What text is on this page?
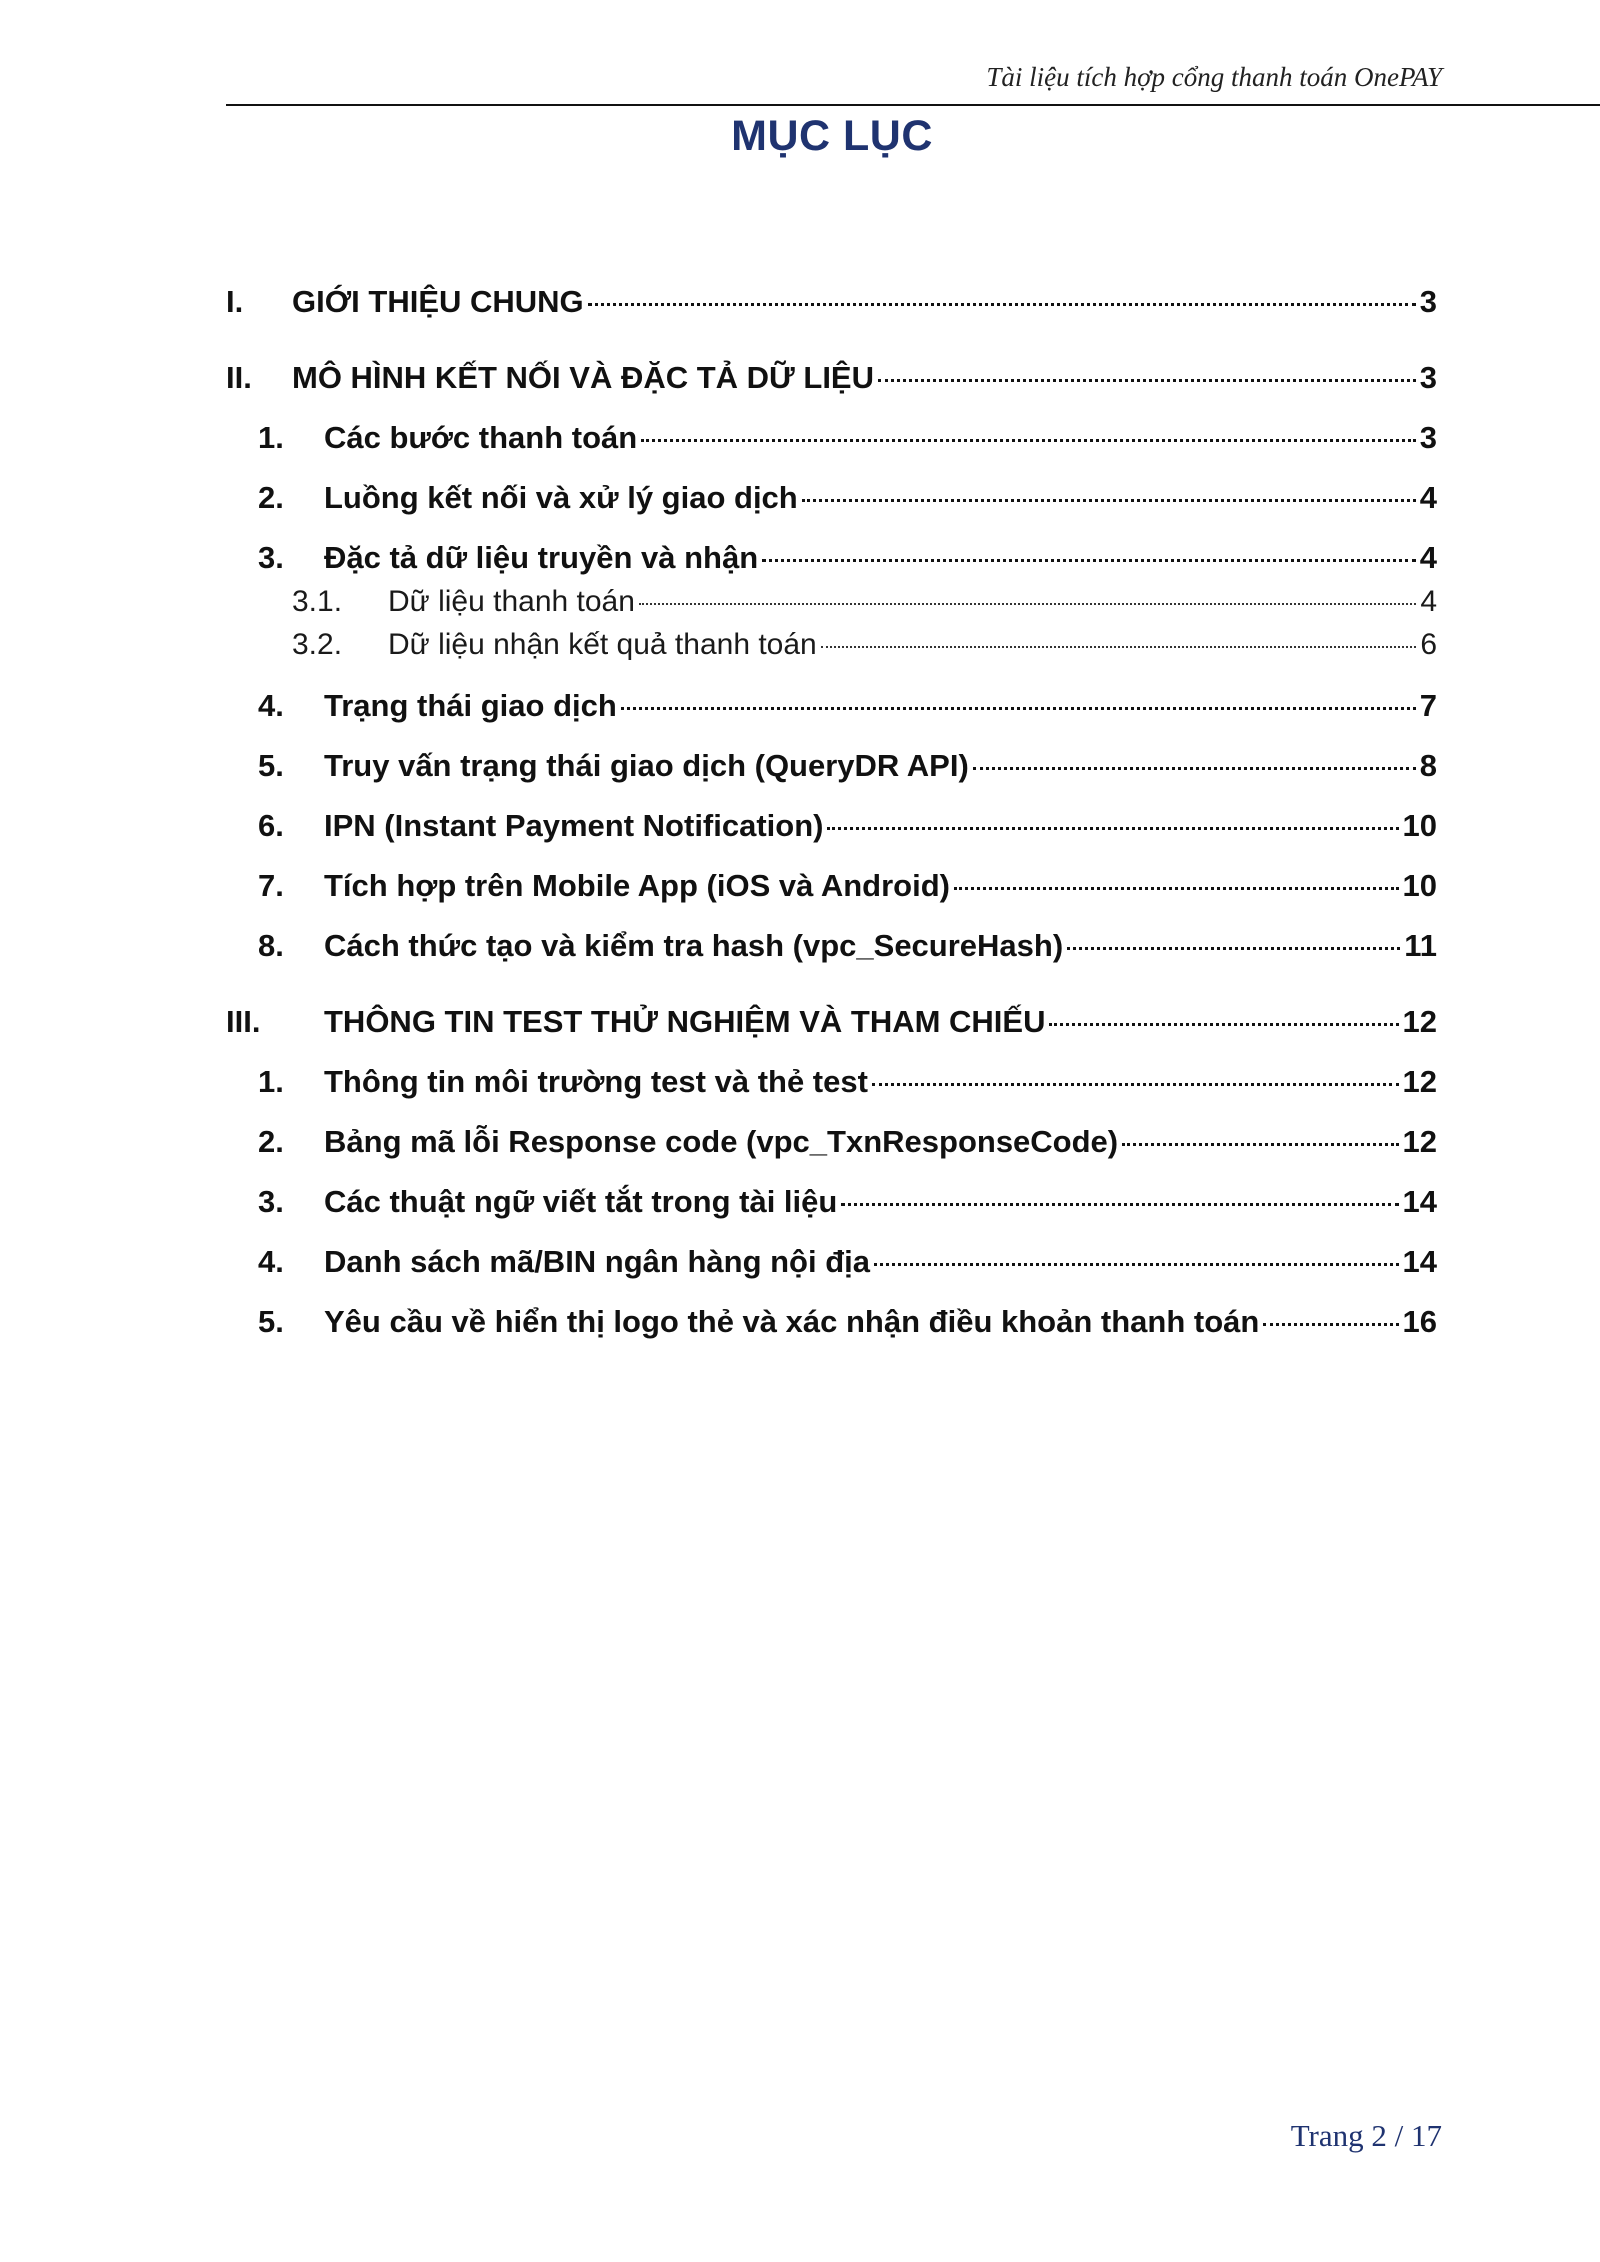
Tài liệu tích hợp cổng thanh toán OnePAY
MỤC LỤC
I.	GIỚI THIỆU CHUNG	3
II.	MÔ HÌNH KẾT NỐI VÀ ĐẶC TẢ DỮ LIỆU	3
1.	Các bước thanh toán	3
2.	Luồng kết nối và xử lý giao dịch	4
3.	Đặc tả dữ liệu truyền và nhận	4
3.1.	Dữ liệu thanh toán	4
3.2.	Dữ liệu nhận kết quả thanh toán	6
4.	Trạng thái giao dịch	7
5.	Truy vấn trạng thái giao dịch (QueryDR API)	8
6.	IPN (Instant Payment Notification)	10
7.	Tích hợp trên Mobile App (iOS và Android)	10
8.	Cách thức tạo và kiểm tra hash (vpc_SecureHash)	11
III.	THÔNG TIN TEST THỬ NGHIỆM VÀ THAM CHIẾU	12
1.	Thông tin môi trường test và thẻ test	12
2.	Bảng mã lỗi Response code (vpc_TxnResponseCode)	12
3.	Các thuật ngữ viết tắt trong tài liệu	14
4.	Danh sách mã/BIN ngân hàng nội địa	14
5.	Yêu cầu về hiển thị logo thẻ và xác nhận điều khoản thanh toán	16
Trang 2 / 17
